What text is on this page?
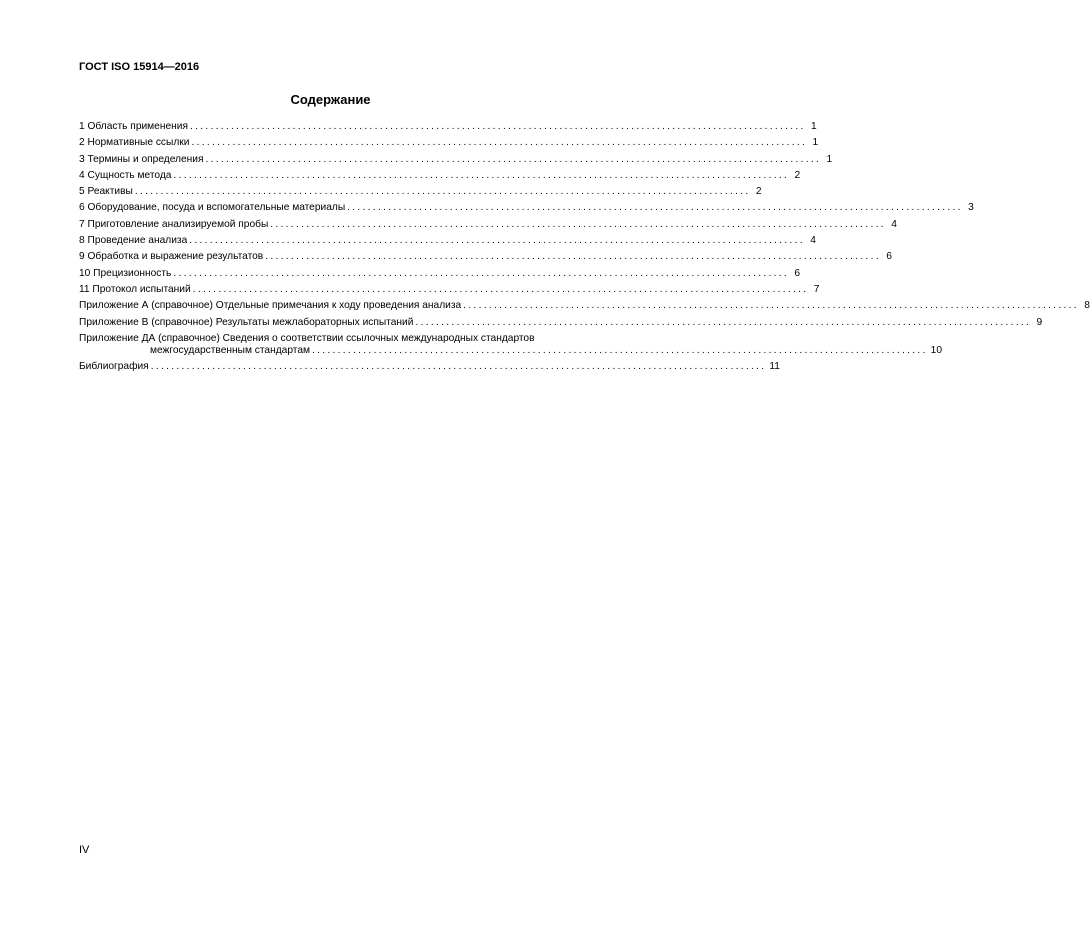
ГОСТ ISO 15914—2016
Содержание
1 Область применения ........................................................................................................................ 1
2 Нормативные ссылки ........................................................................................................................ 1
3 Термины и определения ........................................................................................................................ 1
4 Сущность метода ........................................................................................................................ 2
5 Реактивы ........................................................................................................................ 2
6 Оборудование, посуда и вспомогательные материалы ........................................................................................................................ 3
7 Приготовление анализируемой пробы ........................................................................................................................ 4
8 Проведение анализа ........................................................................................................................ 4
9 Обработка и выражение результатов ........................................................................................................................ 6
10 Прецизионность ........................................................................................................................ 6
11 Протокол испытаний ........................................................................................................................ 7
Приложение А (справочное) Отдельные примечания к ходу проведения анализа ........................................................................................................................ 8
Приложение В (справочное) Результаты межлабораторных испытаний ........................................................................................................................ 9
Приложение ДА (справочное) Сведения о соответствии ссылочных международных стандартов
межгосударственным стандартам ........................................................................................................................ 10
Библиография ........................................................................................................................ 11
IV
